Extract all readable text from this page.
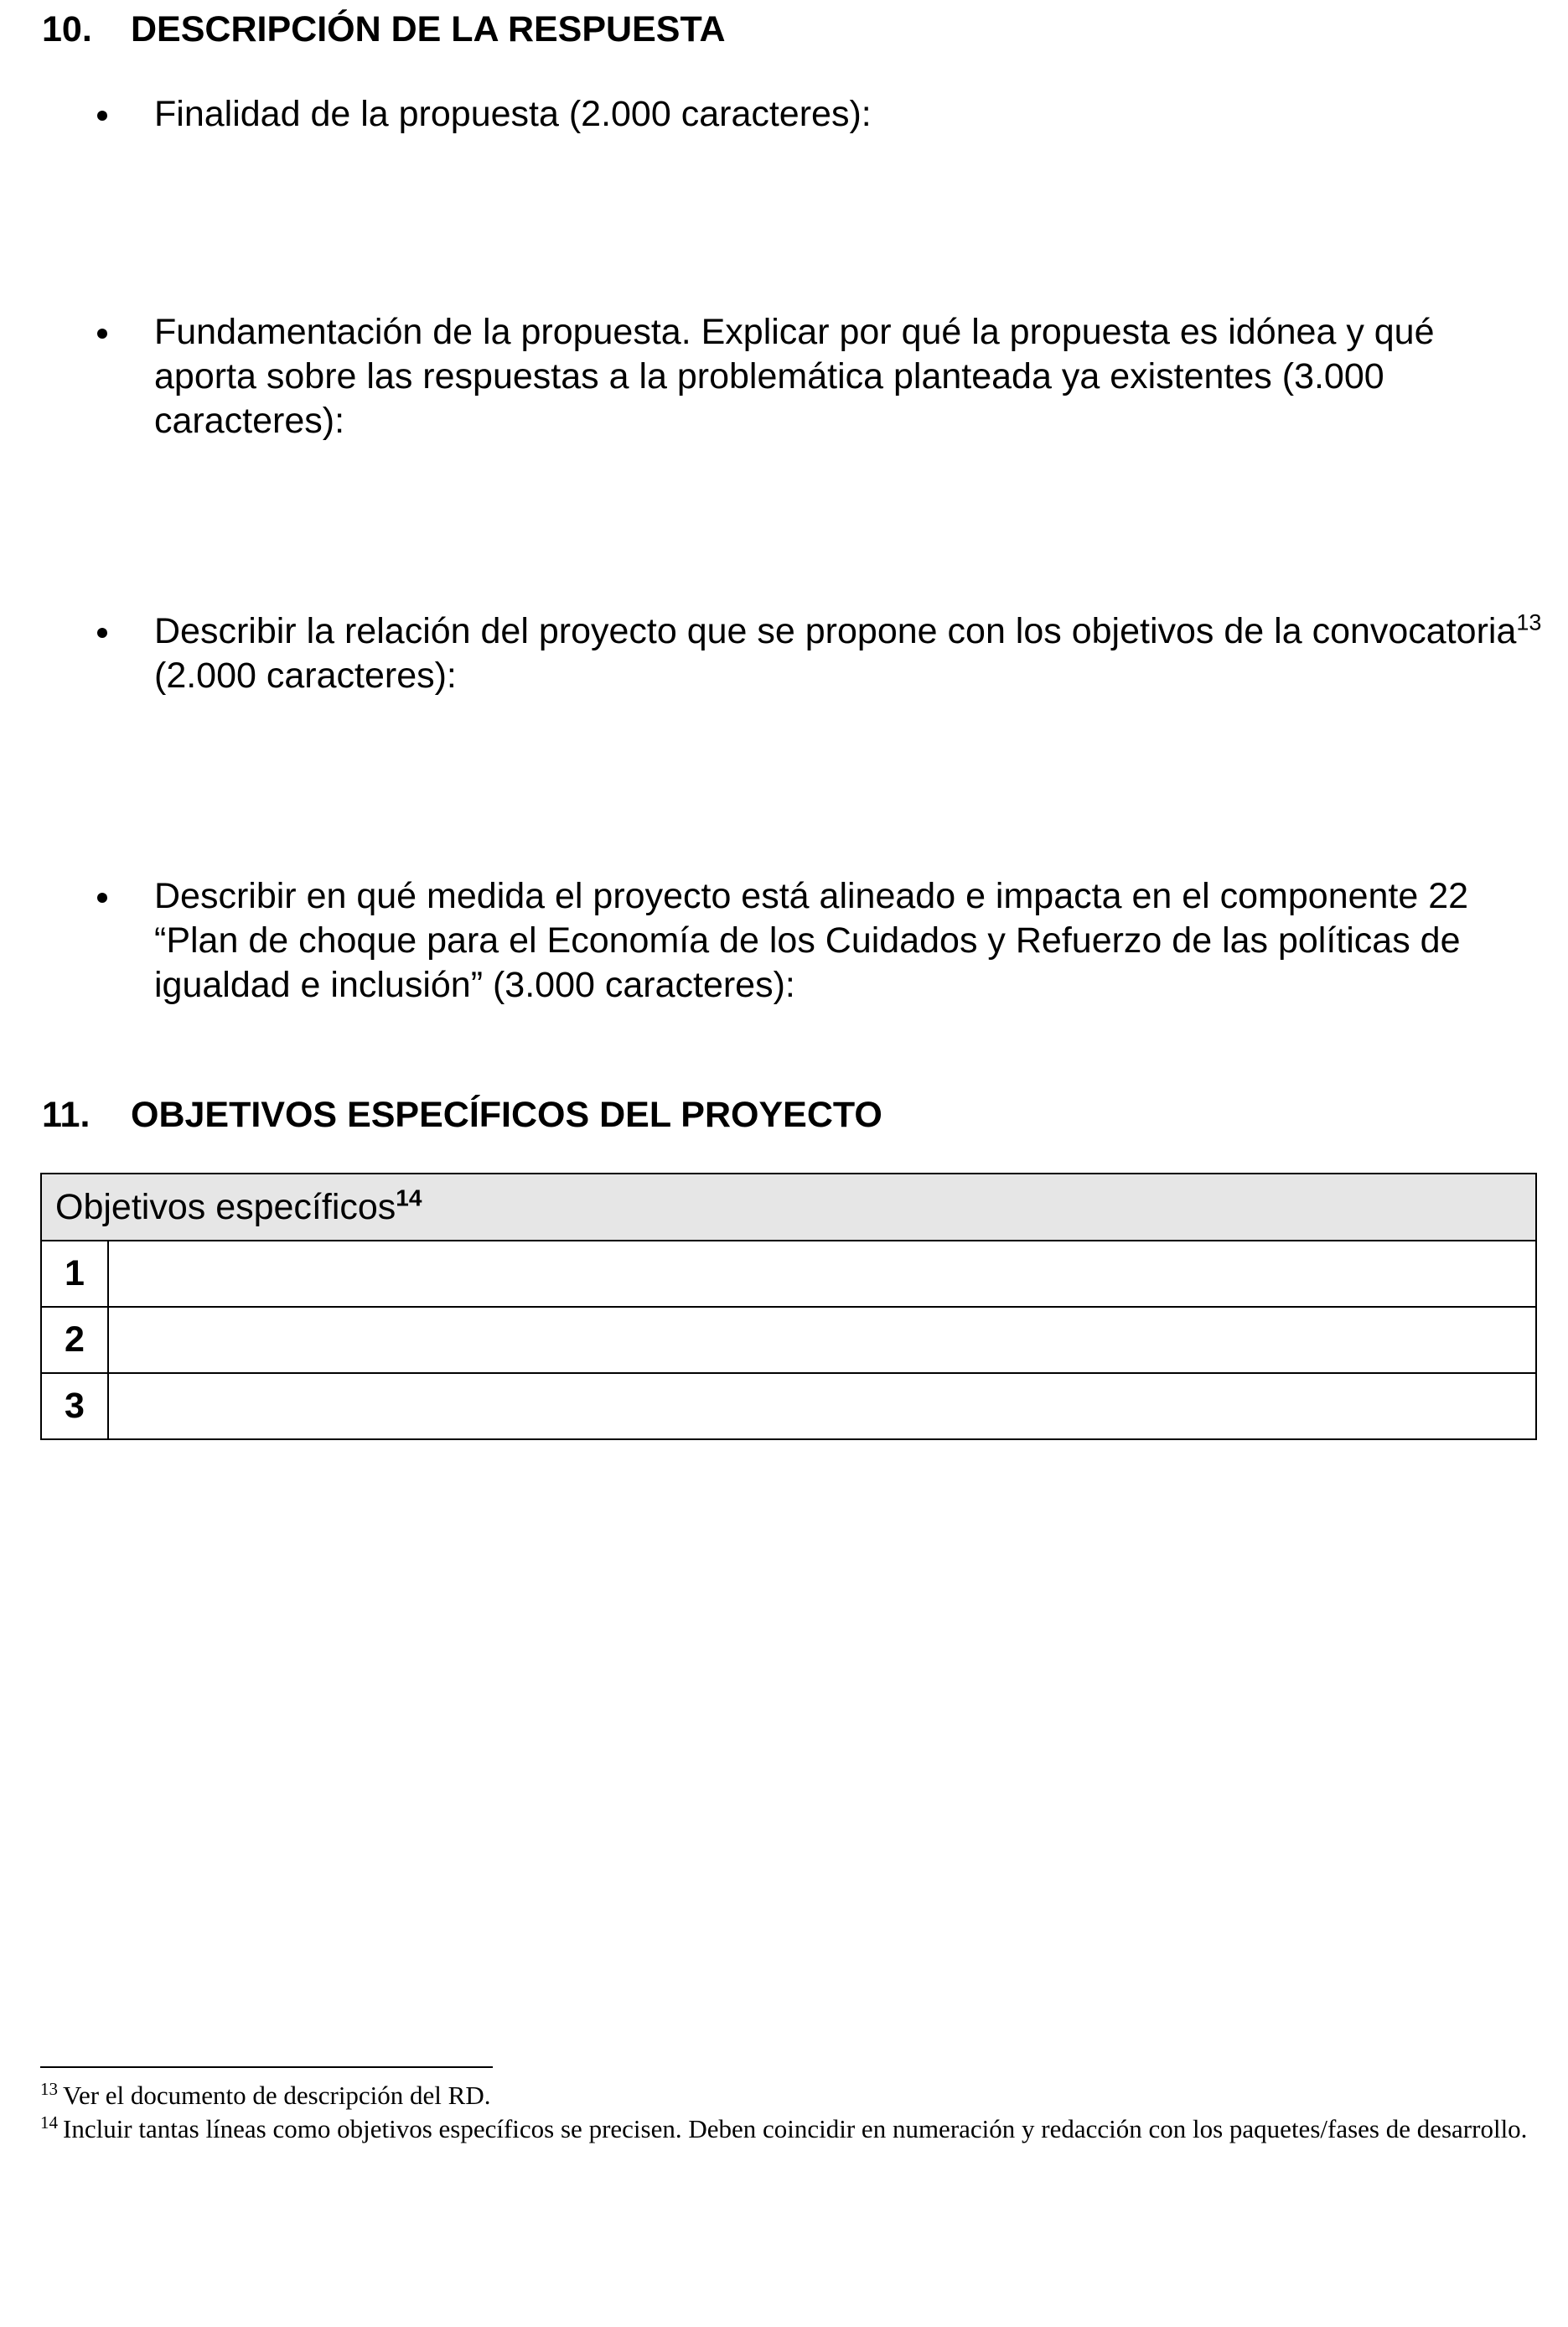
10. DESCRIPCIÓN DE LA RESPUESTA
Finalidad de la propuesta (2.000 caracteres):
Fundamentación de la propuesta. Explicar por qué la propuesta es idónea y qué aporta sobre las respuestas a la problemática planteada ya existentes (3.000 caracteres):
Describir la relación del proyecto que se propone con los objetivos de la convocatoria$^{13}$ (2.000 caracteres):
Describir en qué medida el proyecto está alineado e impacta en el componente 22 “Plan de choque para el Economía de los Cuidados y Refuerzo de las políticas de igualdad e inclusión” (3.000 caracteres):
11. OBJETIVOS ESPECÍFICOS DEL PROYECTO
Objetivos específicos$^{14}$
1	
2	
3	

$^{13}$ Ver el documento de descripción del RD.

$^{14}$ Incluir tantas líneas como objetivos específicos se precisen. Deben coincidir en numeración y redacción con los paquetes/fases de desarrollo.
